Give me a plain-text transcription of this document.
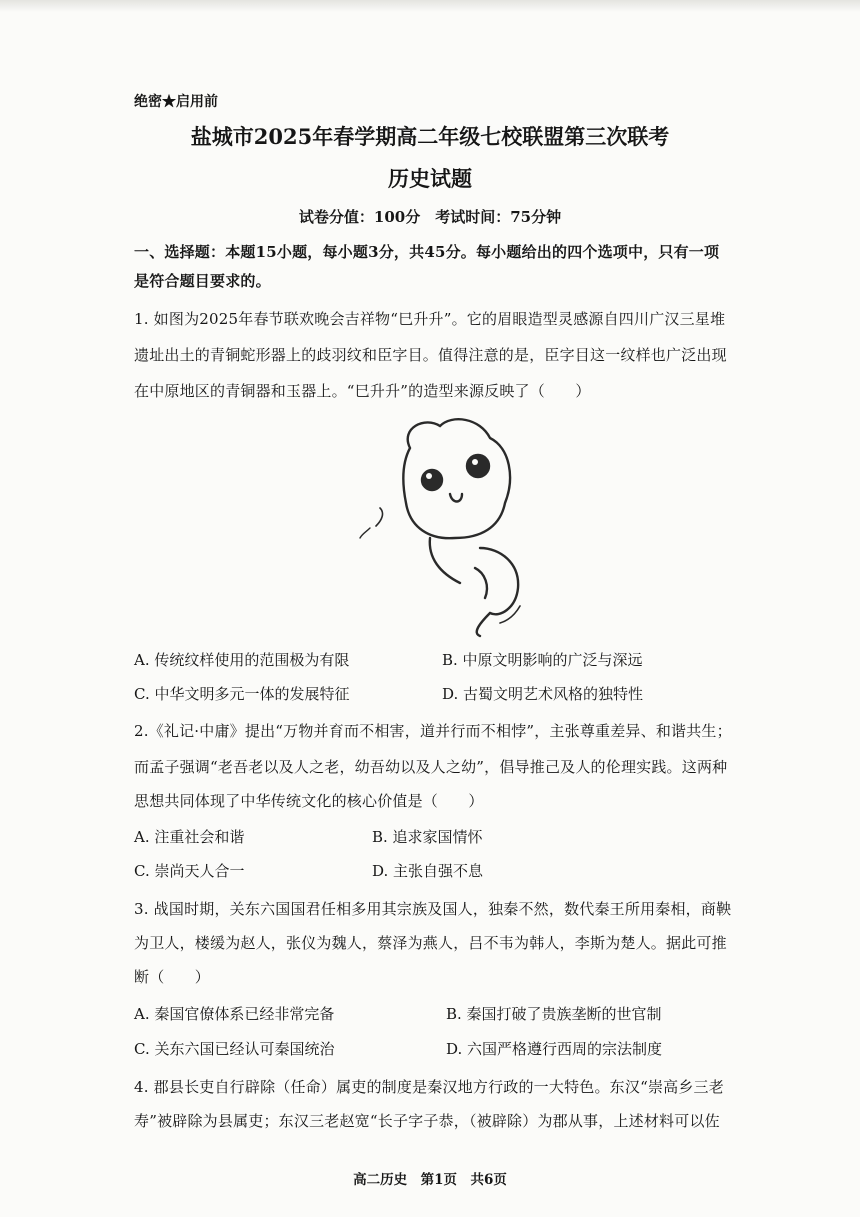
绝密★启用前
盐城市2025年春学期高二年级七校联盟第三次联考
历史试题
试卷分值：100分　考试时间：75分钟
一、选择题：本题15小题，每小题3分，共45分。每小题给出的四个选项中，只有一项
是符合题目要求的。
1. 如图为2025年春节联欢晚会吉祥物“巳升升”。它的眉眼造型灵感源自四川广汉三星堆
遗址出土的青铜蛇形器上的歧羽纹和臣字目。值得注意的是，臣字目这一纹样也广泛出现
在中原地区的青铜器和玉器上。“巳升升”的造型来源反映了（　　）
A. 传统纹样使用的范围极为有限	B. 中原文明影响的广泛与深远
C. 中华文明多元一体的发展特征	D. 古蜀文明艺术风格的独特性
2.《礼记·中庸》提出“万物并育而不相害，道并行而不相悖”，主张尊重差异、和谐共生；
而孟子强调“老吾老以及人之老，幼吾幼以及人之幼”，倡导推己及人的伦理实践。这两种
思想共同体现了中华传统文化的核心价值是（　　）
A. 注重社会和谐	B. 追求家国情怀
C. 崇尚天人合一	D. 主张自强不息
3. 战国时期，关东六国国君任相多用其宗族及国人，独秦不然，数代秦王所用秦相，商鞅
为卫人，楼缓为赵人，张仪为魏人，蔡泽为燕人，吕不韦为韩人，李斯为楚人。据此可推
断（　　）
A. 秦国官僚体系已经非常完备	B. 秦国打破了贵族垄断的世官制
C. 关东六国已经认可秦国统治	D. 六国严格遵行西周的宗法制度
4. 郡县长吏自行辟除（任命）属吏的制度是秦汉地方行政的一大特色。东汉“崇高乡三老
寿”被辟除为县属吏；东汉三老赵宽“长子字子恭，（被辟除）为郡从事，上述材料可以佐
高二历史　第1页　共6页
